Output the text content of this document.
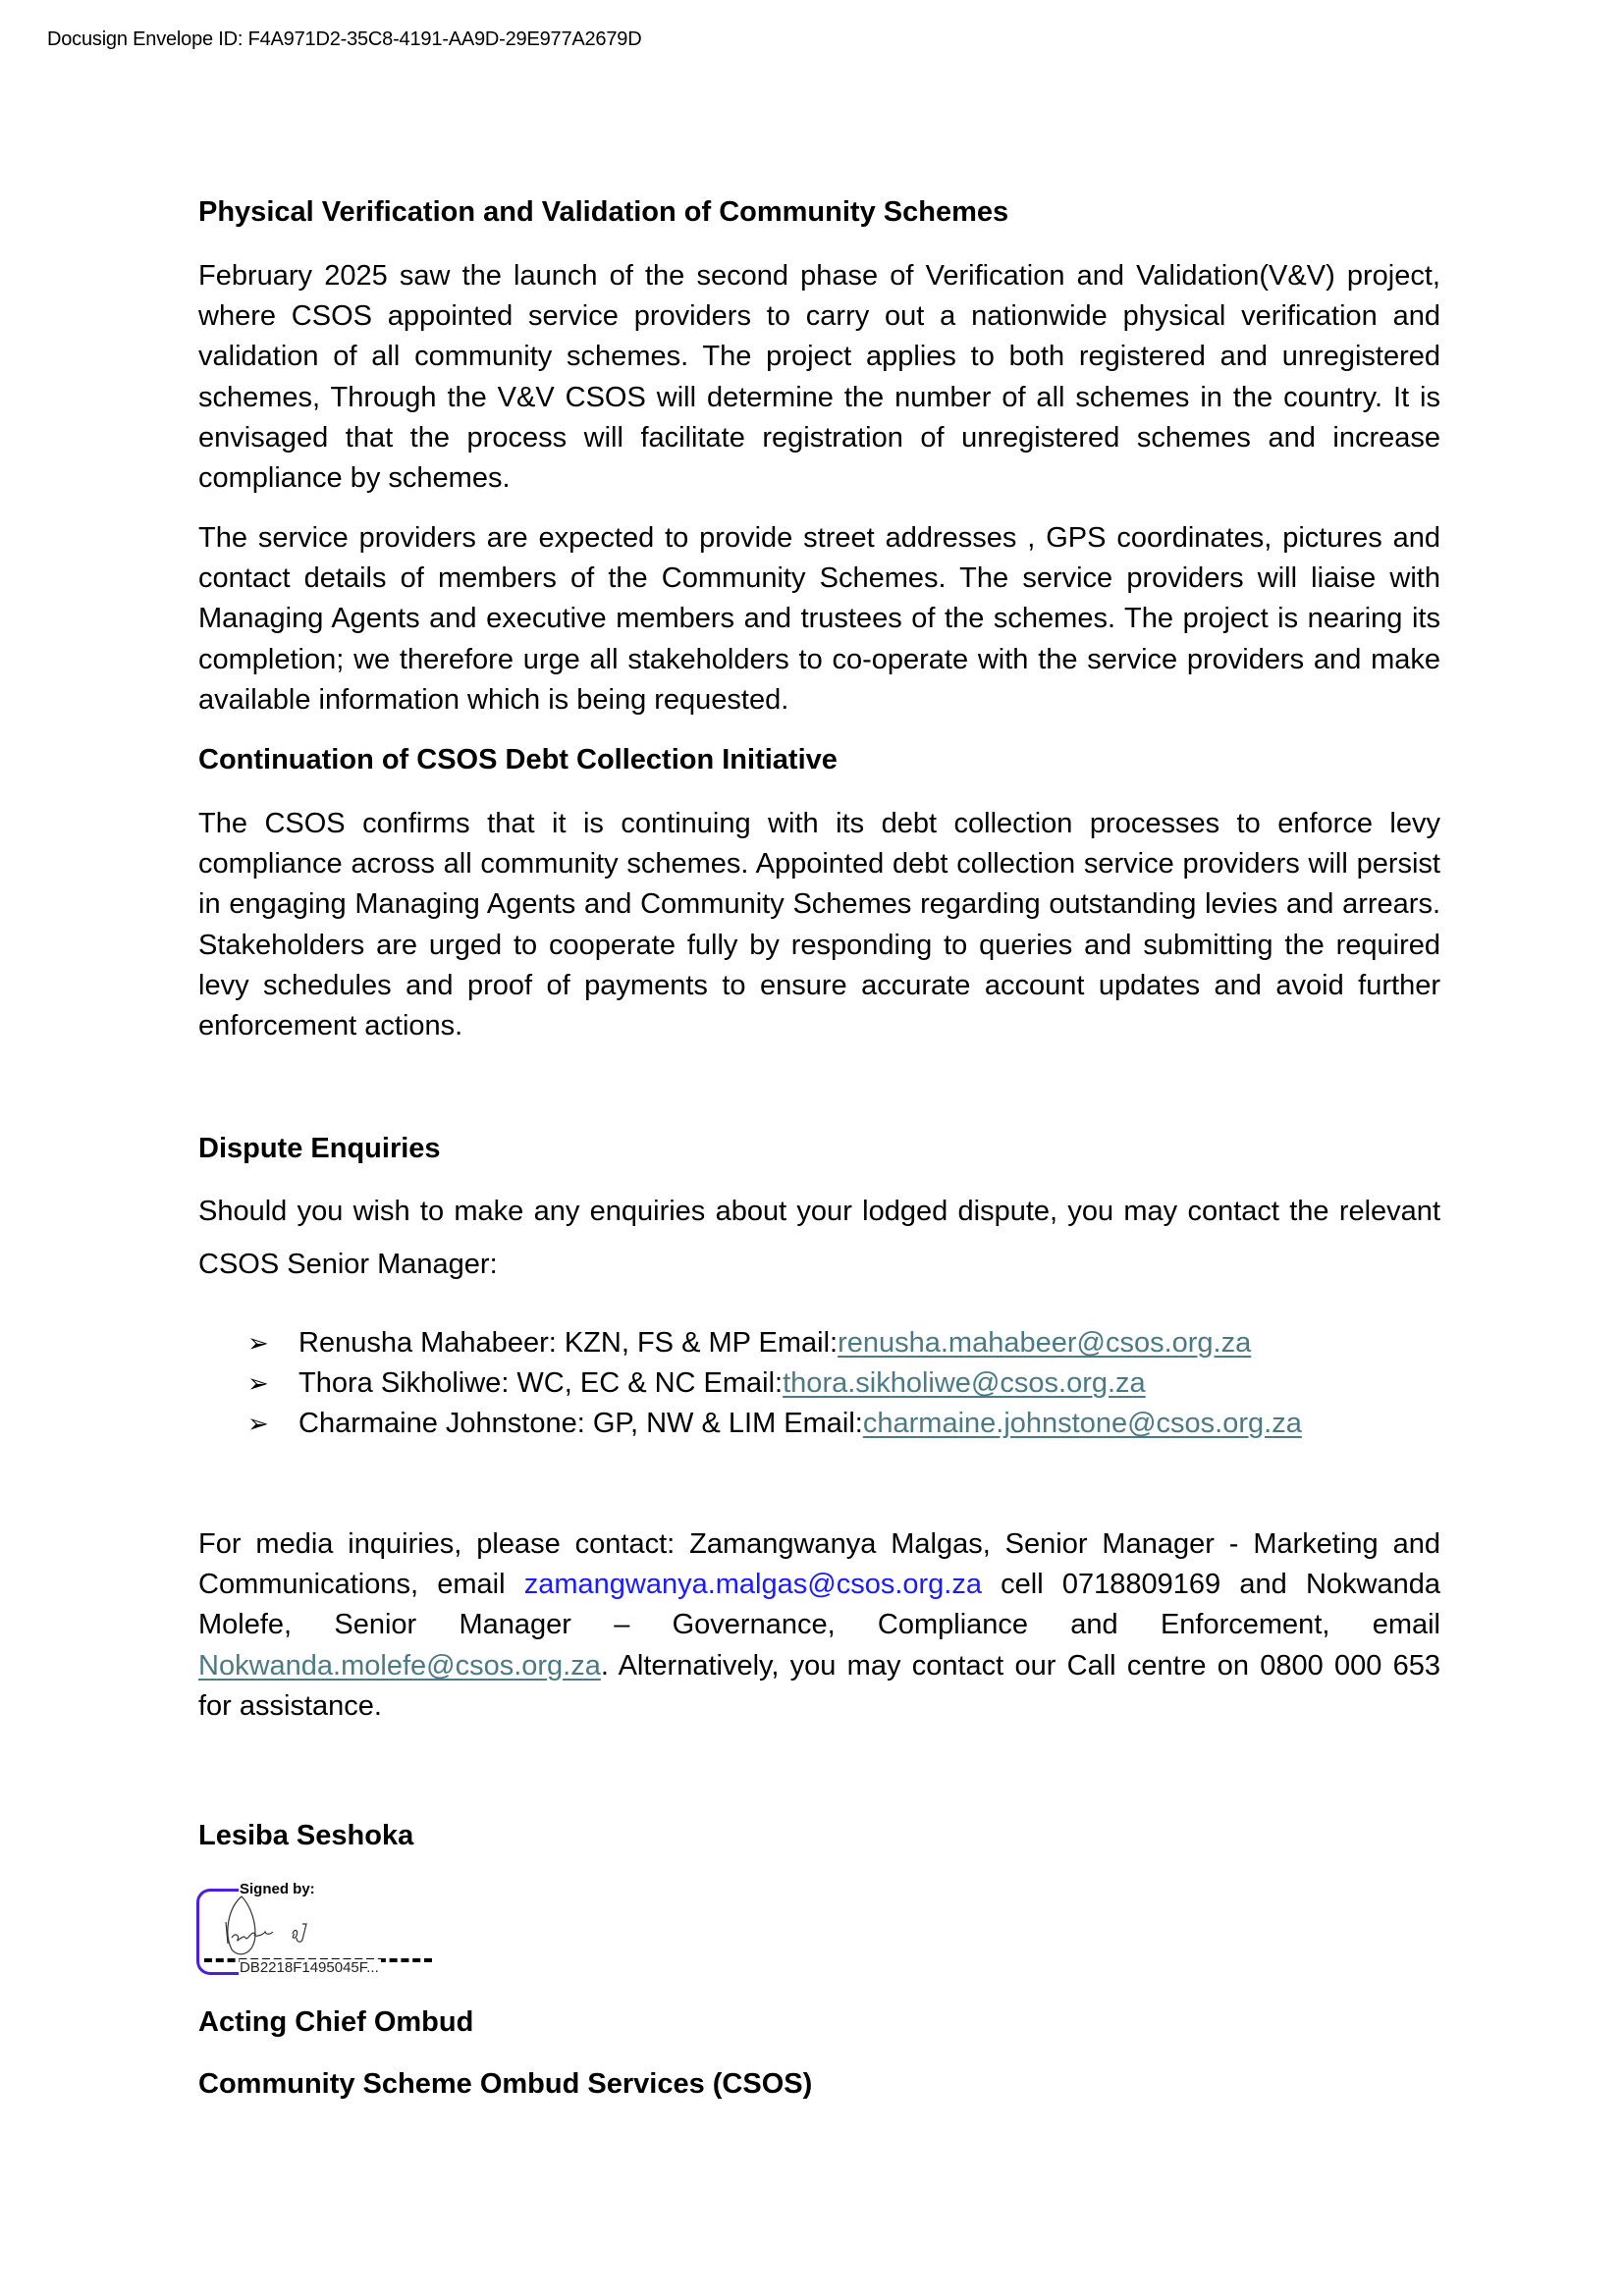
Docusign Envelope ID: F4A971D2-35C8-4191-AA9D-29E977A2679D
Physical Verification and Validation of Community Schemes

February 2025 saw the launch of the second phase of Verification and Validation(V&V) project, where CSOS appointed service providers to carry out a nationwide physical verification and validation of all community schemes. The project applies to both registered and unregistered schemes, Through the V&V CSOS will determine the number of all schemes in the country. It is envisaged that the process will facilitate registration of unregistered schemes and increase compliance by schemes.

The service providers are expected to provide street addresses , GPS coordinates, pictures and contact details of members of the Community Schemes. The service providers will liaise with Managing Agents and executive members and trustees of the schemes. The project is nearing its completion; we therefore urge all stakeholders to co-operate with the service providers and make available information which is being requested.

Continuation of CSOS Debt Collection Initiative

The CSOS confirms that it is continuing with its debt collection processes to enforce levy compliance across all community schemes. Appointed debt collection service providers will persist in engaging Managing Agents and Community Schemes regarding outstanding levies and arrears. Stakeholders are urged to cooperate fully by responding to queries and submitting the required levy schedules and proof of payments to ensure accurate account updates and avoid further enforcement actions.

Dispute Enquiries

Should you wish to make any enquiries about your lodged dispute, you may contact the relevant CSOS Senior Manager:

➢	Renusha Mahabeer: KZN, FS & MP Email: renusha.mahabeer@csos.org.za
➢	Thora Sikholiwe: WC, EC & NC Email: thora.sikholiwe@csos.org.za
➢	Charmaine Johnstone: GP, NW & LIM Email: charmaine.johnstone@csos.org.za

For media inquiries, please contact: Zamangwanya Malgas, Senior Manager - Marketing and Communications, email zamangwanya.malgas@csos.org.za cell 0718809169 and Nokwanda Molefe, Senior Manager – Governance, Compliance and Enforcement, email Nokwanda.molefe@csos.org.za. Alternatively, you may contact our Call centre on 0800 000 653 for assistance.

Lesiba Seshoka
Signed by:
DB2218F1495045F...
Acting Chief Ombud
Community Scheme Ombud Services (CSOS)
